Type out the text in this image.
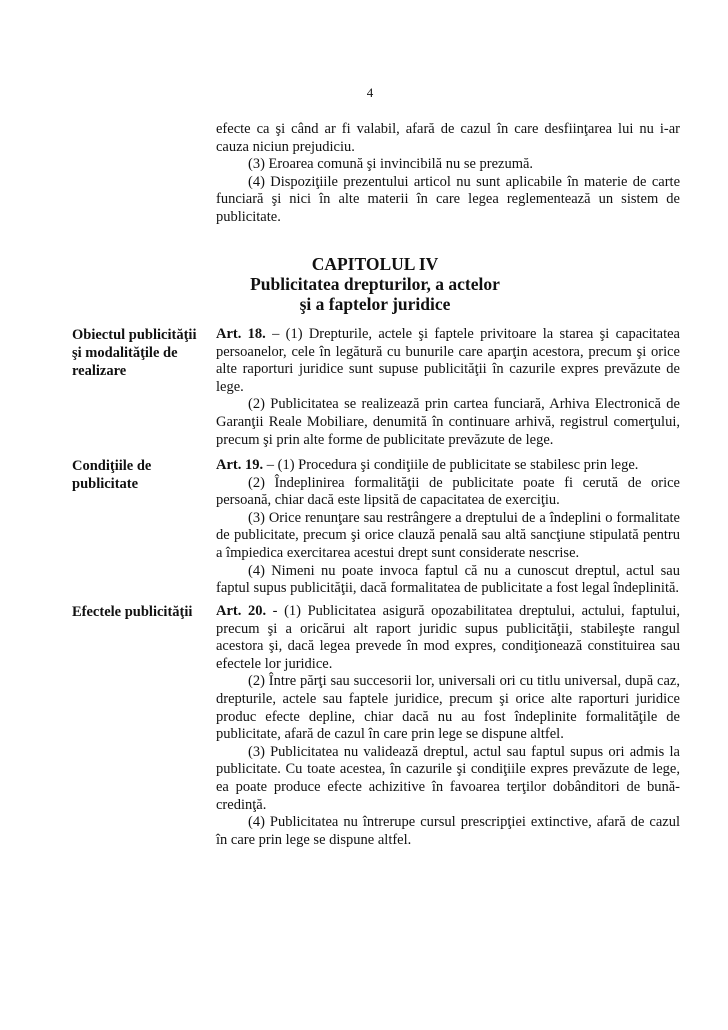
4

efecte ca şi când ar fi valabil, afară de cazul în care desfiinţarea lui nu i-ar cauza niciun prejudiciu.

(3) Eroarea comună şi invincibilă nu se prezumă.

(4) Dispoziţiile prezentului articol nu sunt aplicabile în materie de carte funciară şi nici în alte materii în care legea reglementează un sistem de publicitate.

CAPITOLUL IV
Publicitatea drepturilor, a actelor
şi a faptelor juridice
Obiectul publicităţii şi modalităţile de realizare

Art. 18. – (1) Drepturile, actele şi faptele privitoare la starea şi capacitatea persoanelor, cele în legătură cu bunurile care aparţin acestora, precum şi orice alte raporturi juridice sunt supuse publicităţii în cazurile expres prevăzute de lege.

(2) Publicitatea se realizează prin cartea funciară, Arhiva Electronică de Garanţii Reale Mobiliare, denumită în continuare arhivă, registrul comerţului, precum şi prin alte forme de publicitate prevăzute de lege.

Condiţiile de publicitate

Art. 19. – (1) Procedura şi condiţiile de publicitate se stabilesc prin lege.

(2) Îndeplinirea formalităţii de publicitate poate fi cerută de orice persoană, chiar dacă este lipsită de capacitatea de exerciţiu.

(3) Orice renunţare sau restrângere a dreptului de a îndeplini o formalitate de publicitate, precum şi orice clauză penală sau altă sancţiune stipulată pentru a împiedica exercitarea acestui drept sunt considerate nescrise.

(4) Nimeni nu poate invoca faptul că nu a cunoscut dreptul, actul sau faptul supus publicităţii, dacă formalitatea de publicitate a fost legal îndeplinită.

Efectele publicităţii	Art. 20. - (1) Publicitatea asigură opozabilitatea dreptului, actului, faptului, precum şi a oricărui alt raport juridic supus publicităţii, stabileşte rangul acestora şi, dacă legea prevede în mod expres, condiţionează constituirea sau efectele lor juridice.

(2) Între părţi sau succesorii lor, universali ori cu titlu universal, după caz, drepturile, actele sau faptele juridice, precum şi orice alte raporturi juridice produc efecte depline, chiar dacă nu au fost îndeplinite formalităţile de publicitate, afară de cazul în care prin lege se dispune altfel.

(3) Publicitatea nu validează dreptul, actul sau faptul supus ori admis la publicitate. Cu toate acestea, în cazurile şi condiţiile expres prevăzute de lege, ea poate produce efecte achizitive în favoarea terţilor dobânditori de bună-credinţă.

(4) Publicitatea nu întrerupe cursul prescripţiei extinctive, afară de cazul în care prin lege se dispune altfel.
